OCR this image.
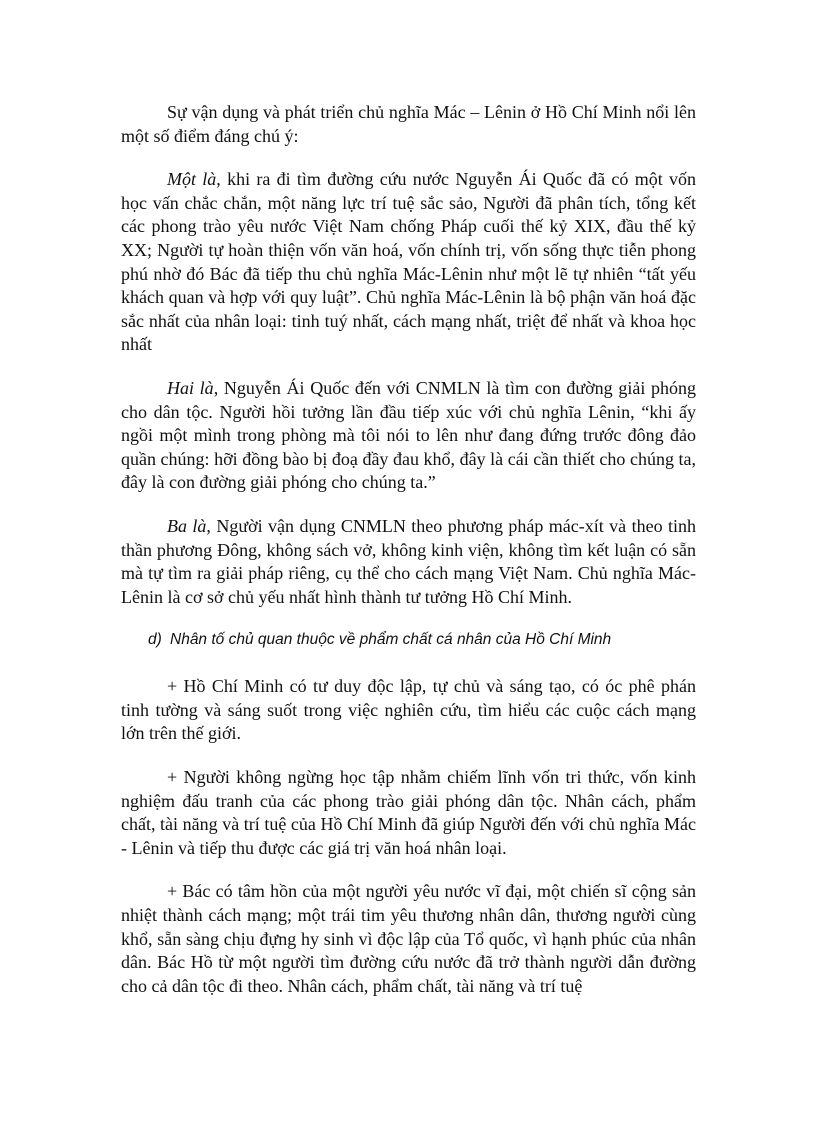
Sự vận dụng và phát triển chủ nghĩa Mác – Lênin ở Hồ Chí Minh nổi lên một số điểm đáng chú ý:

Một là, khi ra đi tìm đường cứu nước Nguyễn Ái Quốc đã có một vốn học vấn chắc chắn, một năng lực trí tuệ sắc sảo, Người đã phân tích, tổng kết các phong trào yêu nước Việt Nam chống Pháp cuối thế kỷ XIX, đầu thế kỷ XX; Người tự hoàn thiện vốn văn hoá, vốn chính trị, vốn sống thực tiễn phong phú nhờ đó Bác đã tiếp thu chủ nghĩa Mác-Lênin như một lẽ tự nhiên “tất yếu khách quan và hợp với quy luật”. Chủ nghĩa Mác-Lênin là bộ phận văn hoá đặc sắc nhất của nhân loại: tinh tuý nhất, cách mạng nhất, triệt để nhất và khoa học nhất

Hai là, Nguyễn Ái Quốc đến với CNMLN là tìm con đường giải phóng cho dân tộc. Người hồi tưởng lần đầu tiếp xúc với chủ nghĩa Lênin, “khi ấy ngồi một mình trong phòng mà tôi nói to lên như đang đứng trước đông đảo quần chúng: hỡi đồng bào bị đoạ đầy đau khổ, đây là cái cần thiết cho chúng ta, đây là con đường giải phóng cho chúng ta.”

Ba là, Người vận dụng CNMLN theo phương pháp mác-xít và theo tinh thần phương Đông, không sách vở, không kinh viện, không tìm kết luận có sẵn mà tự tìm ra giải pháp riêng, cụ thể cho cách mạng Việt Nam. Chủ nghĩa Mác-Lênin là cơ sở chủ yếu nhất hình thành tư tưởng Hồ Chí Minh.

d) Nhân tố chủ quan thuộc về phẩm chất cá nhân của Hồ Chí Minh

+ Hồ Chí Minh có tư duy độc lập, tự chủ và sáng tạo, có óc phê phán tinh tường và sáng suốt trong việc nghiên cứu, tìm hiểu các cuộc cách mạng lớn trên thế giới.

+ Người không ngừng học tập nhằm chiếm lĩnh vốn tri thức, vốn kinh nghiệm đấu tranh của các phong trào giải phóng dân tộc. Nhân cách, phẩm chất, tài năng và trí tuệ của Hồ Chí Minh đã giúp Người đến với chủ nghĩa Mác - Lênin và tiếp thu được các giá trị văn hoá nhân loại.

+ Bác có tâm hồn của một người yêu nước vĩ đại, một chiến sĩ cộng sản nhiệt thành cách mạng; một trái tim yêu thương nhân dân, thương người cùng khổ, sẵn sàng chịu đựng hy sinh vì độc lập của Tổ quốc, vì hạnh phúc của nhân dân. Bác Hồ từ một người tìm đường cứu nước đã trở thành người dẫn đường cho cả dân tộc đi theo. Nhân cách, phẩm chất, tài năng và trí tuệ
